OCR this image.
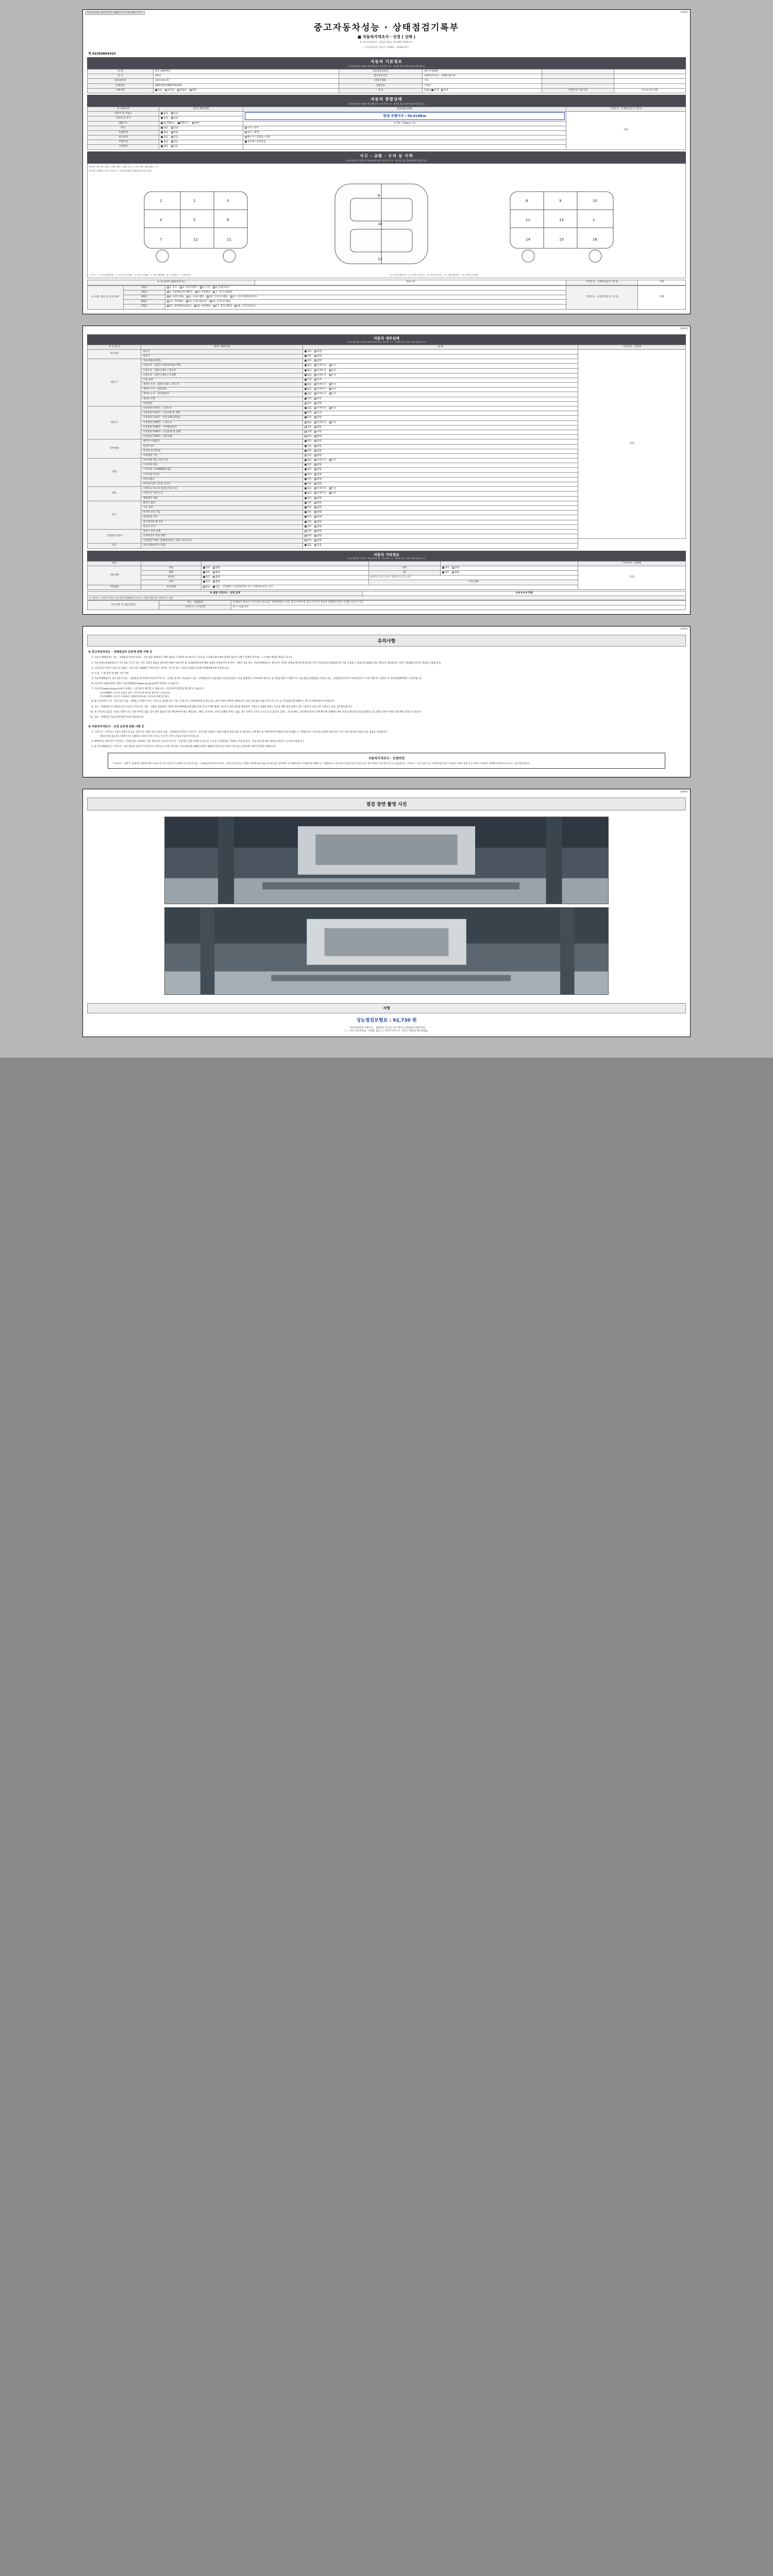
자동차관리법 시행규칙 [별지 제26호서식] <개정 2021.7.6.>	(1/4쪽)
중고자동차성능 · 상태점검기록부
■ 자동차가격조사 · 산정 ( 선택 )
※ 자동차가격조사 · 산정을 원하는 경우에만 선택합니다.
( 자동차관리법 시행규칙 제120조 · 제120조의2 )
제 02350605423
자동차 기본정보
(자동차관리법 제58조 제1항에 따른 자동차의 구조 · 장치별 점검 결과에 대한 내용입니다)
차 명	레이 (4륜밴딩)	자동차등록번호	36ㅁ우6490		
연 식	2021	검사유효기간	2025-03-15 ~ 2026-03-14		
최초등록일	2021-03-15	변속기종류	자동		
차대번호	KNACR511BMT261056	사용연료	가솔린		
사용이력	없음 대여용 영업용 관용	색 상	G3LA 원색 투톤	주행거리 기준가격	0 0 0 0 0 만원
자동차 종합상태
(자동차관리법 제58조 제1항에 따른 자동차의 구조 · 장치별 점검 결과에 대한 내용입니다)
※ 사용여부	항목 / 해당부품	점검내용(상태)	가격조사 · 산정액 (감가 / 증가)
전장치 및 작업소	없음 있음	현재 주행거리 : 95,818Km	적정
자동차 표 등기	없음 있음		
배출가스	일산화탄소 탄화수소 매연	0.7% / 13ppm / %	
튜닝	없음 있음	구조 / 장치	
특별이력	없음 있음	침수 / 화재	
용도변경	없음 있음	렌트카 / 영업용 / 관용	
주행거리	없음 있음	실주행 / 변경있음	
기타정보	없음 있음		
사고 · 교환 · 수리 등 이력
(자동차관리법 시행규칙 제120조에 따른 자동차의 구조 · 장치별 점검 결과에 대한 내용입니다)
※ (앞 / 뒤) 부품 교환 = 교환, 판금 · 용접 수리 = 수리, 부품 교환 없음 = 무
※ 하단 상태에 표시한 기준으로, 기재 항목직을 상세하게 표시한 것임
1	2	3
4	5	6
7	12	11
6
10
13
8	9	10
11	12	2
14	15	16
1. 후드 · 2. 프론트 휀더(좌) · 3. 프론트 도어(좌) · 4. 리어 도어(좌) · 5. 쿼터 패널(좌) · 6. 루프패널 · 7. 트렁크리드	8. 프론트 휀더(우) · 9. 프론트 도어(우) · 10. 리어 도어(우) · 11. 쿼터 패널(우) · 12. 사이드실 패널
※ 사고여부 (외판/수리 등)	단순수리	가격조사 · 산정액 (감가 / 증가)	적정
※ 교환, 판금 등 이상 부위	1랭크	1. 후드 2. 프론트휀더 3. 도어 4. 트렁크리드	가격조사 · 산정액 (감가 / 증가)	적정
	2랭크	5. 쿼터패널(리어휀더) 6. 루프패널 7. 사이드실패널		
	A랭크	8. 프론트패널 9. 크로스멤버 10. 인사이드패널 11. 사이드멤버(프론트)		
	B랭크	12. 리어패널 13. 트렁크플로어 14. 인사이드패널		
	C랭크	15. 필러패널(A,B,C) 16. 대쉬패널 17. 플로어패널 18. 트렁크플로어		
(2/4쪽)
자동차 세부상태
(자동차관리법 시행규칙 제120조에 따른 자동차의 구조 · 장치별 점검 결과에 대한 내용입니다)
주 요 장 치	항목 / 해당부품	상 태	가격조사 · 산정액
자기진단	원동기	양호 불량	적정
	변속기	양호 불량	
원동기	작동상태(공회전)	양호 불량	
	오일누유 - 실린더 커버(로커암) 커버	없음 미세누유 누유	
	오일누유 - 실린더 헤드 / 개스킷	없음 미세누유 누유	
	오일누유 - 실린더 블록 / 오일팬	없음 미세누유 누유	
	오일 유량	적정 부족	
	냉각수 누수 - 실린더 헤드 / 개스킷	없음 미세누수 누수	
	냉각수 누수 - 워터펌프	없음 미세누수 누수	
	냉각수 누수 - 라디에이터	없음 미세누수 누수	
	냉각수 수량	적정 부족	
	커먼레일	양호 불량	
변속기	자동변속기(A/T) - 오일누유	없음 미세누유 누유	
	자동변속기(A/T) - 오일유량 및 상태	적정 부족	
	자동변속기(A/T) - 작동상태(공회전)	양호 불량	
	수동변속기(M/T) - 오일누유	없음 미세누유 누유	
	수동변속기(M/T) - 기어변속장치	양호 불량	
	수동변속기(M/T) - 오일유량 및 상태	적정 부족	
	수동변속기(M/T) - 작동상태	양호 불량	
동력전달	클러치 어셈블리	양호 불량	
	등속조인트	양호 불량	
	추진축 및 베어링	양호 불량	
	디퍼렌셜 기어	양호 불량	
조향	동력조향 작동 오일 누유	없음 미세누유 누유	
	스티어링 펌프	양호 불량	
	스티어링 기어(MDPS포함)	양호 불량	
	스티어링 조인트	양호 불량	
	파워크랭크	양호 불량	
	타이로드엔드 및 볼 조인트	양호 불량	
제동	브레이크 마스터 실린더오일 누유	없음 미세누유 누유	
	브레이크 오일 누유	없음 미세누유 누유	
	배력장치 상태	양호 불량	
전기	발전기 출력	양호 불량	
	시동 모터	양호 불량	
	와이퍼 모터 기능	양호 불량	
	실내송풍 모터	양호 불량	
	라디에이터 팬 모터	양호 불량	
	윈도우 모터	양호 불량	
고전원전기장치	충전구 절연 상태	양호 불량	
	구동축전지 격리 상태	양호 불량	
	고전원전기배선 상태(접속단자, 피복, 보호기구)	양호 불량	
연료	연료누출(LP가스포함)	없음 있음	
자동차 기타정보
(자동차관리법 시행규칙 제120조에 따른 자동차의 구조 · 장치별 점검 결과에 대한 내용입니다)
항목					가격조사 · 산정액
사용상태	외장	양호 불량	내장	양호 불량	적정
	광택	양호 불량	휠	양호 불량	
	타이어	양호 불량	운전석 □ 전 □ 후 / 동반석 □ 전 □ 후		
	유리	양호 불량	기타 상태		
기본품목	보유상태	없음 있음 안전벨트 / 안전삼각대 / 잭 / 스페어타이어 / 공구			
※ 최종 가격조사 · 산정 금액	0 0 0 0 0 만원
※ 가격조사 · 산정가격 산출근거 및 특기사항(활용한 기준가격, 가감산 내역 등을 구체적으로 기재)
특기사항 및 점검자의견	성능 · 상태점검	문제없이 최초도 / 조사자의 날(요청 / 중복판매상 / 보증 검사시부터 중 검사시 2가건 특성규 분량관진 환승 도래진 단조사 기준.
	가격조사 · 조사산정	물 수 있습니다.
(3/4쪽)
유의사항
※ 중고자동차성능 · 상태점검자 보증에 관한 사항 등
1. 자동차 매매업자는 성능 · 상태점검기록부(자동차 · 산정 내용 제외)에 기재한 내용을 고지하지 아니하거나 거짓으로 고지함으로써 매수인에게 재산상 손해가 발생한 경우에는 그 손해를 배상할 책임을 집니다.
2. 자동차성능상태점검자가 거짓 정보 고지가 있는 경우 금원의 내용을 제3자에 대해서 보장기간 및 보장범위에 따라 해당 내용을 보장하여야 할 경우, 구매자 다음 경우, 자동차매매업자는 매수인이 비치된 상태를 확인할 때 필요한 지역, 자동차성능상태점검자의 이를 수집할 수 있습니다(제54조의2 시행규칙 제120조의 기준은 책임범위 중요한 핵심을 포함합니다).
3. 자동차인도일부터 보증기간 (30일 · 보증거래 / 2000년 주행거리)은 정부를 기간 중 있는 기간을 보증합니다(중고차매매업자에 이상입니다).
4. 이 외, 그 밖 권리 및 권한 구별 사항
5. 자동차매매업자는 중고자동차 성능 · 상태점검기록부에서(자동차가격조사 · 산정을 써 받은 자동차)의 성능 · 상태점검자의 성능점검 기록(성능점검 고지를 점검하여 고지하여야 합니다. 또 적정할 때만 기재합니다 / 성능점검 상태점검이 자동차 성능 · 상태점검기록부의 이하에 전부 고시에 의합니다. 원하신 후 보장위법행위에만 의 참여합니다.
6. 자동차의 외관에 관한 사항은 자동차매매업자(www.car.go.kr)에서 확인할 수 있습니다.
7. 자동차의(www.car.go.kr)에서 상태를 그 및 정보가 확인할 수 있습니다. · 자동차이력 확인을 확인할 수 있습니다.
- 자동차0000 / 자동차 보험을 공단 / 자동차이력 확인을 확인할 수 있습니다.
- 자동차0000 / 자동차 이력조회 / 매매후처리조회 / 자동차등록확인증 확인
8. 중고자동차의 구조 · 장치 등의 성능 · 상태를 고지하지 아니, 거짓으로 점검하거나 거짓 고지한 자는 1천만원이하의 벌금 또는 3년 이하의 징역에 처해집니다. 또한 성능점검 내용과 다르게 고지 등 거짓점검자에 대해서는 별도의 행정처분이 부과됩니다.
9. 성능 · 상태점검자가 제공한 중고자동차 가격조사는 성능 · 상태를 점검하여 기재한 자동차매매업자에 발행 금액 (거짓기재에 해당도 됩니다) 점검 결과와 확인되어 구매자가 실체된 판매시 공문을 해당 점검 내용은 1차 시정인지 포함, 2차 시정인지 포함, 3차 확인합니다.
10. 중고자동차 검토문 시간을 지원이 주요 결과 부위의 검출, 정지 결과 불응할 경우 확인하여야 하는 확인(용도, 확인, 유지정보, 사이드실패널 부위는 없음, 중요 사례가 시간표 사고로 표기 않으며, 3회도, 프론트패널, 교차 확인일자가 전체 확인에 개재하면 대한 정보로 확인일자 점검 중(중/소 및 교환을 전부) 어려운 결과 확인 결과 표시합니다.
11. 성능 · 상태점검 국토교통부장관 안내가 필요합니다.
※ 자동차가격조사 · 산정 보증에 관한 사항 등
1. 가격조사 · 산정자는 사용인 설명기준 또는 보증기의 사례의 중고자동차 성능 · 상태점검기록부의 가격조사 · 산정 부분 항목에 기재된 내용에 따라 점검 표시에 따른 금액 확인 및 생략부분에 자세하시다면 아래와 등 기재합니다 / 자동차의 실질에 보증기간은 1년 / 양도계약을 자동차 성능 점검을 기준합니다.
- 제공조치에 필요하지 (생략기간의 모델/비교 성격/가격의 산정을 등 관계 기준의 운임과 1종의 확인합니다.
2. 매매업자는 매수인이 가격조사 · 산정을 별도 희망하는 경우 매수인이 자동차가격조사 · 산정자를 직접 선택할 수 있도록 조치 및 조치결과를 기록하고 의결 때 유의 · 관련 법규에 의한 권리를 보장하고 동시에 보장합니다.
3. 중고차 매매업자는 가격조사 · 산정 내용을 알리지 아니하거나 거짓으로 고지한 경우에는 자동차관리법 제80조(벌칙) 제8항에 따라 2년 이하의 징역 또는 2천만원 이하의 벌금에 처해집니다.
자동차가격조사 · 산정의견
"가격조사 · 산정"은 실제가치 제반에 대한 비교를 한 것의 보장기의 사례의 중고자동차 성능 · 상태점검기록부(가격조사 · 산정 부분 항목의 기재된 내용에 따라 점검 표시에 따른 금액 확인 및 생략부분이 자세하다면 아래와 등 기재합니다 / 자동차의 실질에 보증기간은 1년 / 양도계약을 자동차의 성능을 점검합니다. 가격조사 · 산정 결과 중고 가격정보와 본인이 제공한 구매의 결정 요소 내역이 구매자가 판매에 관련하여 표기되는 것을 확인합니다.
(4/4쪽)
점검 장면 촬영 사진
서명
성능점검보험료 : 92,730 원
「자동차관리법 시행규칙」 제120조 및 같은 법 시행규칙 제120조의2에 따라
[ ㅣ ] 중고자동차성능 · 상태를 점검, [ ] 자동차가격조사 · 산정 ( 선택)을 확인하였음.
